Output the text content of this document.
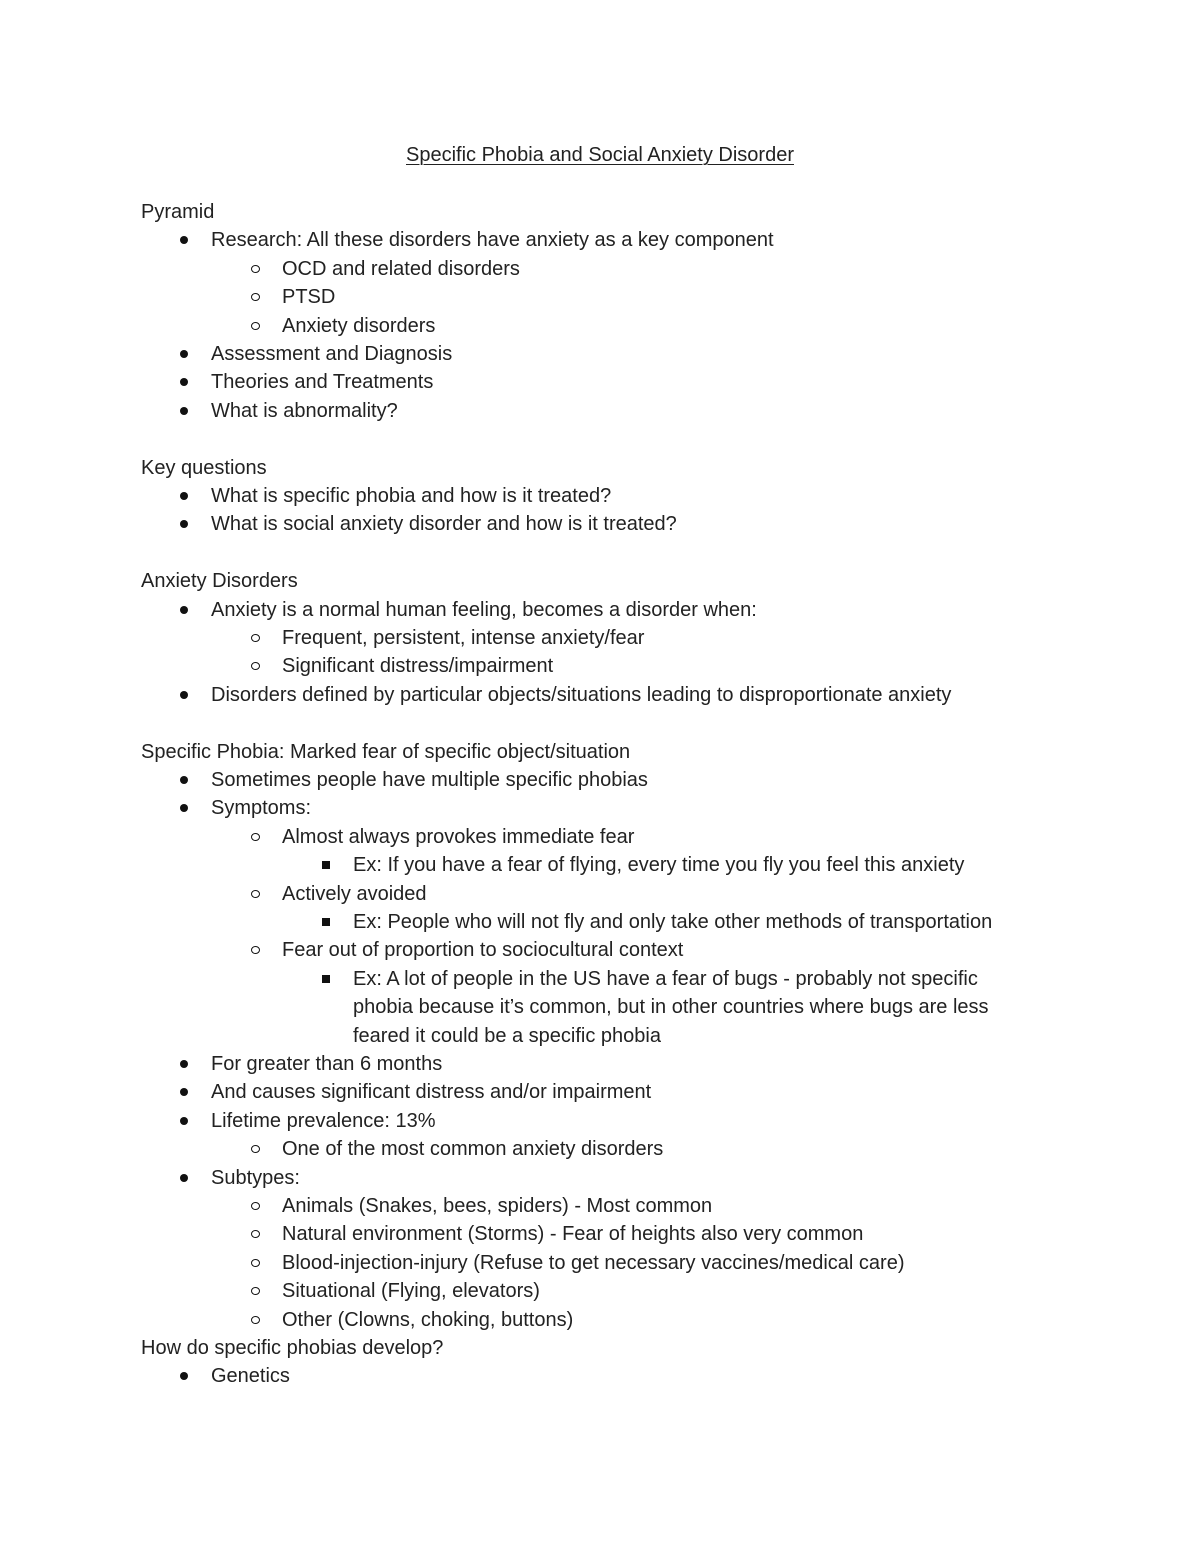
Specific Phobia and Social Anxiety Disorder
Pyramid
Research: All these disorders have anxiety as a key component
OCD and related disorders
PTSD
Anxiety disorders
Assessment and Diagnosis
Theories and Treatments
What is abnormality?
Key questions
What is specific phobia and how is it treated?
What is social anxiety disorder and how is it treated?
Anxiety Disorders
Anxiety is a normal human feeling, becomes a disorder when:
Frequent, persistent, intense anxiety/fear
Significant distress/impairment
Disorders defined by particular objects/situations leading to disproportionate anxiety
Specific Phobia: Marked fear of specific object/situation
Sometimes people have multiple specific phobias
Symptoms:
Almost always provokes immediate fear
Ex: If you have a fear of flying, every time you fly you feel this anxiety
Actively avoided
Ex: People who will not fly and only take other methods of transportation
Fear out of proportion to sociocultural context
Ex: A lot of people in the US have a fear of bugs - probably not specific
phobia because it’s common, but in other countries where bugs are less
feared it could be a specific phobia
For greater than 6 months
And causes significant distress and/or impairment
Lifetime prevalence: 13%
One of the most common anxiety disorders
Subtypes:
Animals (Snakes, bees, spiders) - Most common
Natural environment (Storms) - Fear of heights also very common
Blood-injection-injury (Refuse to get necessary vaccines/medical care)
Situational (Flying, elevators)
Other (Clowns, choking, buttons)
How do specific phobias develop?
Genetics
